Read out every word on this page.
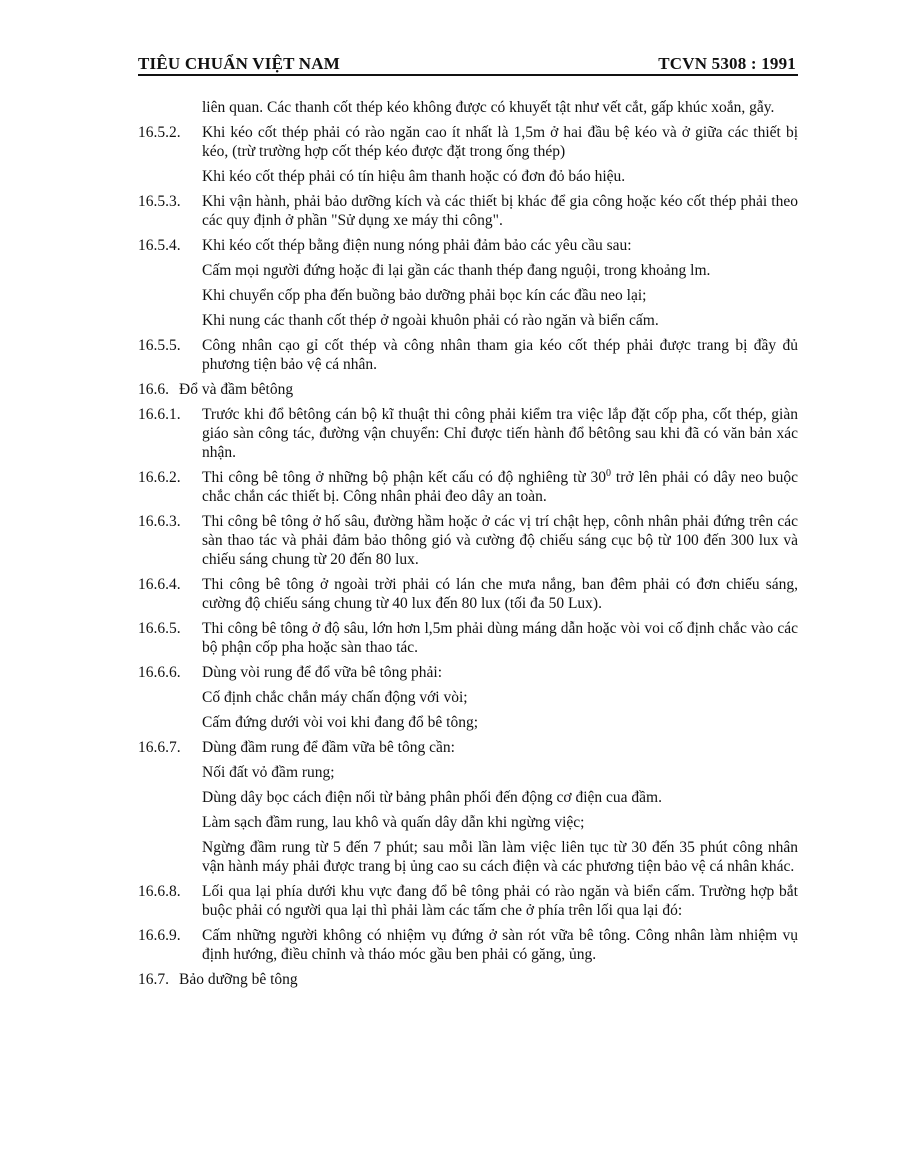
TIÊU CHUẨN VIỆT NAM	TCVN 5308 : 1991
liên quan. Các thanh cốt thép kéo không được có khuyết tật như vết cắt, gấp khúc xoắn, gẫy.
16.5.2.	Khi kéo cốt thép phải có rào ngăn cao ít nhất là 1,5m ở hai đầu bệ kéo và ở giữa các thiết bị kéo, (trừ trường hợp cốt thép kéo được đặt trong ống thép)
Khi kéo cốt thép phải có tín hiệu âm thanh hoặc có đơn đỏ báo hiệu.
16.5.3.	Khi vận hành, phải bảo dưỡng kích và các thiết bị khác để gia công hoặc kéo cốt thép phải theo các quy định ở phần "Sử dụng xe máy thi công".
16.5.4.	Khi kéo cốt thép bằng điện nung nóng phải đảm bảo các yêu cầu sau:
Cấm mọi người đứng hoặc đi lại gần các thanh thép đang nguội, trong khoảng lm.
Khi chuyển cốp pha đến buồng bảo dưỡng phải bọc kín các đầu neo lại;
Khi nung các thanh cốt thép ở ngoài khuôn phải có rào ngăn và biển cấm.
16.5.5.	Công nhân cạo gỉ cốt thép và công nhân tham gia kéo cốt thép phải được trang bị đầy đủ phương tiện bảo vệ cá nhân.
16.6. Đổ và đầm bêtông
16.6.1.	Trước khi đổ bêtông cán bộ kĩ thuật thi công phải kiểm tra việc lắp đặt cốp pha, cốt thép, giàn giáo sàn công tác, đường vận chuyển: Chỉ được tiến hành đổ bêtông sau khi đã có văn bản xác nhận.
16.6.2.	Thi công bê tông ở những bộ phận kết cấu có độ nghiêng từ $30^0$ trở lên phải có dây neo buộc chắc chắn các thiết bị. Công nhân phải đeo dây an toàn.
16.6.3.	Thi công bê tông ở hố sâu, đường hầm hoặc ở các vị trí chật hẹp, cônh nhân phải đứng trên các sàn thao tác và phải đảm bảo thông gió và cường độ chiếu sáng cục bộ từ 100 đến 300 lux và chiếu sáng chung từ 20 đến 80 lux.
16.6.4.	Thi công bê tông ở ngoài trời phải có lán che mưa nắng, ban đêm phải có đơn chiếu sáng, cường độ chiếu sáng chung từ 40 lux đến 80 lux (tối đa 50 Lux).
16.6.5.	Thi công bê tông ở độ sâu, lớn hơn l,5m phải dùng máng dẫn hoặc vòi voi cố định chắc vào các bộ phận cốp pha hoặc sàn thao tác.
16.6.6.	Dùng vòi rung để đổ vữa bê tông phải:
Cố định chắc chắn máy chấn động với vòi;
Cấm đứng dưới vòi voi khi đang đổ bê tông;
16.6.7.	Dùng đầm rung để đầm vữa bê tông cần:
Nối đất vỏ đầm rung;
Dùng dây bọc cách điện nối từ bảng phân phối đến động cơ điện cua đầm.
Làm sạch đầm rung, lau khô và quấn dây dẫn khi ngừng việc;
Ngừng đầm rung từ 5 đến 7 phút; sau mỗi lần làm việc liên tục từ 30 đến 35 phút công nhân vận hành máy phải được trang bị ủng cao su cách điện và các phương tiện bảo vệ cá nhân khác.
16.6.8.	Lối qua lại phía dưới khu vực đang đổ bê tông phải có rào ngăn và biển cấm. Trường hợp bắt buộc phải có người qua lại thì phải làm các tấm che ở phía trên lối qua lại đó:
16.6.9.	Cấm những người không có nhiệm vụ đứng ở sàn rót vữa bê tông. Công nhân làm nhiệm vụ định hướng, điều chỉnh và tháo móc gầu ben phải có găng, ủng.
16.7. Bảo dưỡng bê tông
